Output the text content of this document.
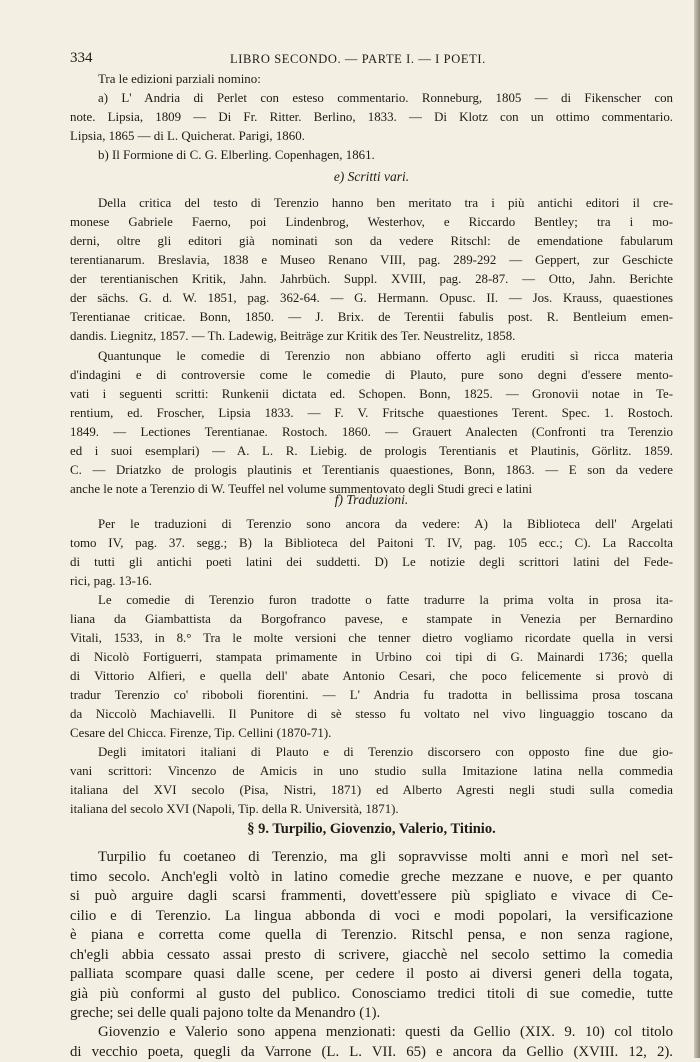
334	LIBRO SECONDO. — PARTE I. — I POETI.
Tra le edizioni parziali nomino:
a) L' Andria di Perlet con esteso commentario. Ronneburg, 1805 — di Fikenscher con
note. Lipsia, 1809 — Di Fr. Ritter. Berlino, 1833. — Di Klotz con un ottimo commentario.
Lipsia, 1865 — di L. Quicherat. Parigi, 1860.
b) Il Formione di C. G. Elberling. Copenhagen, 1861.
e) Scritti vari.
Della critica del testo di Terenzio hanno ben meritato tra i più antichi editori il cre-
monese Gabriele Faerno, poi Lindenbrog, Westerhov, e Riccardo Bentley; tra i mo-
derni, oltre gli editori già nominati son da vedere Ritschl: de emendatione fabularum
terentianarum. Breslavia, 1838 e Museo Renano VIII, pag. 289-292 — Geppert, zur Geschicte
der terentianischen Kritik, Jahn. Jahrbüch. Suppl. XVIII, pag. 28-87. — Otto, Jahn. Berichte
der sächs. G. d. W. 1851, pag. 362-64. — G. Hermann. Opusc. II. — Jos. Krauss, quaestiones
Terentianae criticae. Bonn, 1850. — J. Brix. de Terentii fabulis post. R. Bentleium emen-
dandis. Liegnitz, 1857. — Th. Ladewig, Beiträge zur Kritik des Ter. Neustrelitz, 1858.
Quantunque le comedie di Terenzio non abbiano offerto agli eruditi sì ricca materia
d'indagini e di controversie come le comedie di Plauto, pure sono degni d'essere mento-
vati i seguenti scritti: Runkenii dictata ed. Schopen. Bonn, 1825. — Gronovii notae in Te-
rentium, ed. Froscher, Lipsia 1833. — F. V. Fritsche quaestiones Terent. Spec. 1. Rostoch.
1849. — Lectiones Terentianae. Rostoch. 1860. — Grauert Analecten (Confronti tra Terenzio
ed i suoi esemplari) — A. L. R. Liebig. de prologis Terentianis et Plautinis, Görlitz. 1859.
C. — Driatzko de prologis plautinis et Terentianis quaestiones, Bonn, 1863. — E son da vedere
anche le note a Terenzio di W. Teuffel nel volume summentovato degli Studi greci e latini
f) Traduzioni.
Per le traduzioni di Terenzio sono ancora da vedere: A) la Biblioteca dell' Argelati
tomo IV, pag. 37. segg.; B) la Biblioteca del Paitoni T. IV, pag. 105 ecc.; C). La Raccolta
di tutti gli antichi poeti latini dei suddetti. D) Le notizie degli scrittori latini del Fede-
rici, pag. 13-16.
Le comedie di Terenzio furon tradotte o fatte tradurre la prima volta in prosa ita-
liana da Giambattista da Borgofranco pavese, e stampate in Venezia per Bernardino
Vitali, 1533, in 8.° Tra le molte versioni che tenner dietro vogliamo ricordate quella in versi
di Nicolò Fortiguerri, stampata primamente in Urbino coi tipi di G. Mainardi 1736; quella
di Vittorio Alfieri, e quella dell' abate Antonio Cesari, che poco felicemente si provò di
tradur Terenzio co' riboboli fiorentini. — L' Andria fu tradotta in bellissima prosa toscana
da Niccolò Machiavelli. Il Punitore di sè stesso fu voltato nel vivo linguaggio toscano da
Cesare del Chicca. Firenze, Tip. Cellini (1870-71).
Degli imitatori italiani di Plauto e di Terenzio discorsero con opposto fine due gio-
vani scrittori: Vincenzo de Amicis in uno studio sulla Imitazione latina nella commedia
italiana del XVI secolo (Pisa, Nistri, 1871) ed Alberto Agresti negli studi sulla comedia
italiana del secolo XVI (Napoli, Tip. della R. Università, 1871).
§ 9. Turpilio, Giovenzio, Valerio, Titinio.
Turpilio fu coetaneo di Terenzio, ma gli sopravvisse molti anni e morì nel set-
timo secolo. Anch'egli voltò in latino comedie greche mezzane e nuove, e per quanto
si può arguire dagli scarsi frammenti, dovett'essere più spigliato e vivace di Ce-
cilio e di Terenzio. La lingua abbonda di voci e modi popolari, la versificazione
è piana e corretta come quella di Terenzio. Ritschl pensa, e non senza ragione,
ch'egli abbia cessato assai presto di scrivere, giacchè nel secolo settimo la comedia
palliata scompare quasi dalle scene, per cedere il posto ai diversi generi della togata,
già più conformi al gusto del publico. Conosciamo tredici titoli di sue comedie, tutte
greche; sei delle quali pajono tolte da Menandro (1).
Giovenzio e Valerio sono appena menzionati: questi da Gellio (XIX. 9. 10) col titolo
di vecchio poeta, quegli da Varrone (L. L. VII. 65) e ancora da Gellio (XVIII. 12, 2).
